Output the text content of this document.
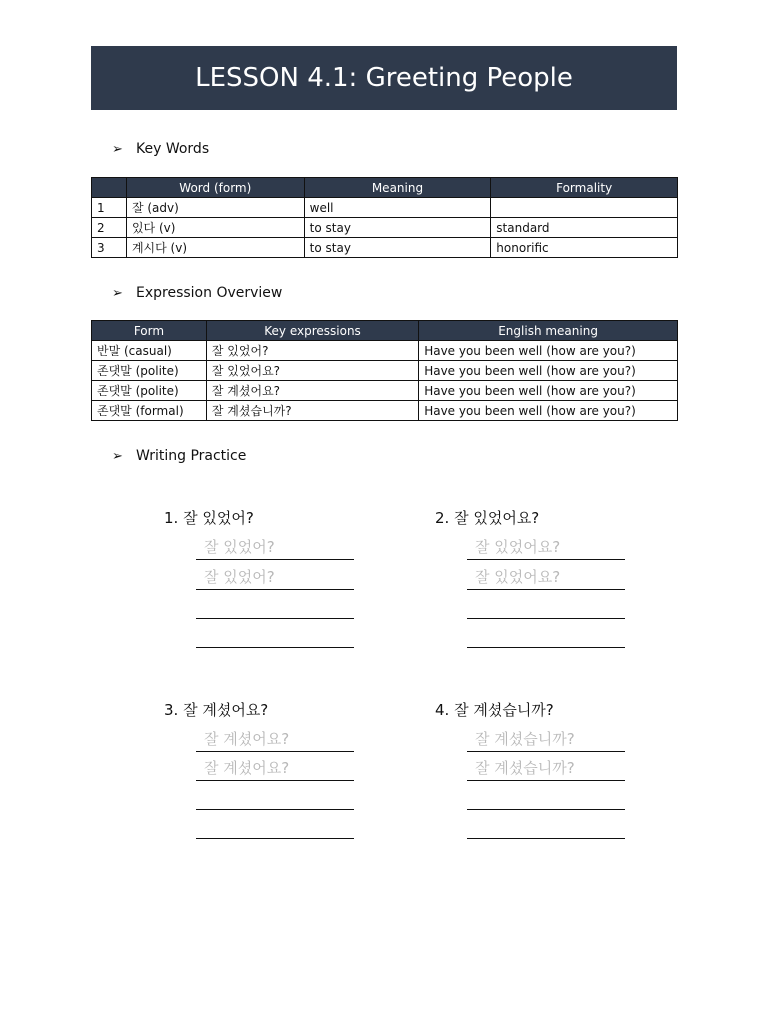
LESSON 4.1: Greeting People
➢ Key Words
	Word (form)	Meaning	Formality
1	잘 (adv)	well	
2	있다 (v)	to stay	standard
3	계시다 (v)	to stay	honorific
➢ Expression Overview
Form	Key expressions	English meaning
반말 (casual)	잘 있었어?	Have you been well (how are you?)
존댓말 (polite)	잘 있었어요?	Have you been well (how are you?)
존댓말 (polite)	잘 계셨어요?	Have you been well (how are you?)
존댓말 (formal)	잘 계셨습니까?	Have you been well (how are you?)
➢ Writing Practice
1. 잘 있었어?
잘 있었어?
잘 있었어?
2. 잘 있었어요?
잘 있었어요?
잘 있었어요?
3. 잘 계셨어요?
잘 계셨어요?
잘 계셨어요?
4. 잘 계셨습니까?
잘 계셨습니까?
잘 계셨습니까?
